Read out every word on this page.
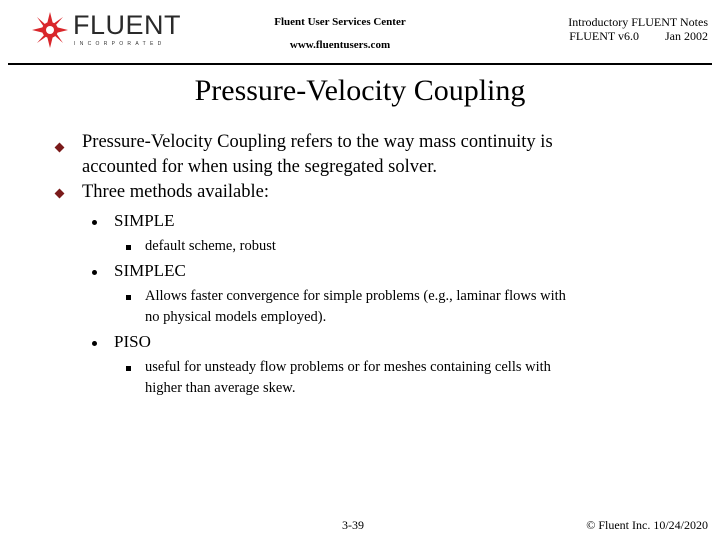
FLUENT
INCORPORATED
Fluent User Services Center
www.fluentusers.com
Introductory FLUENT Notes
FLUENT v6.0 Jan 2002
Pressure-Velocity Coupling
Pressure-Velocity Coupling refers to the way mass continuity is
accounted for when using the segregated solver.
Three methods available:
SIMPLE
default scheme, robust
SIMPLEC
Allows faster convergence for simple problems (e.g., laminar flows with
no physical models employed).
PISO
useful for unsteady flow problems or for meshes containing cells with
higher than average skew.
3-39	© Fluent Inc. 10/24/2020
